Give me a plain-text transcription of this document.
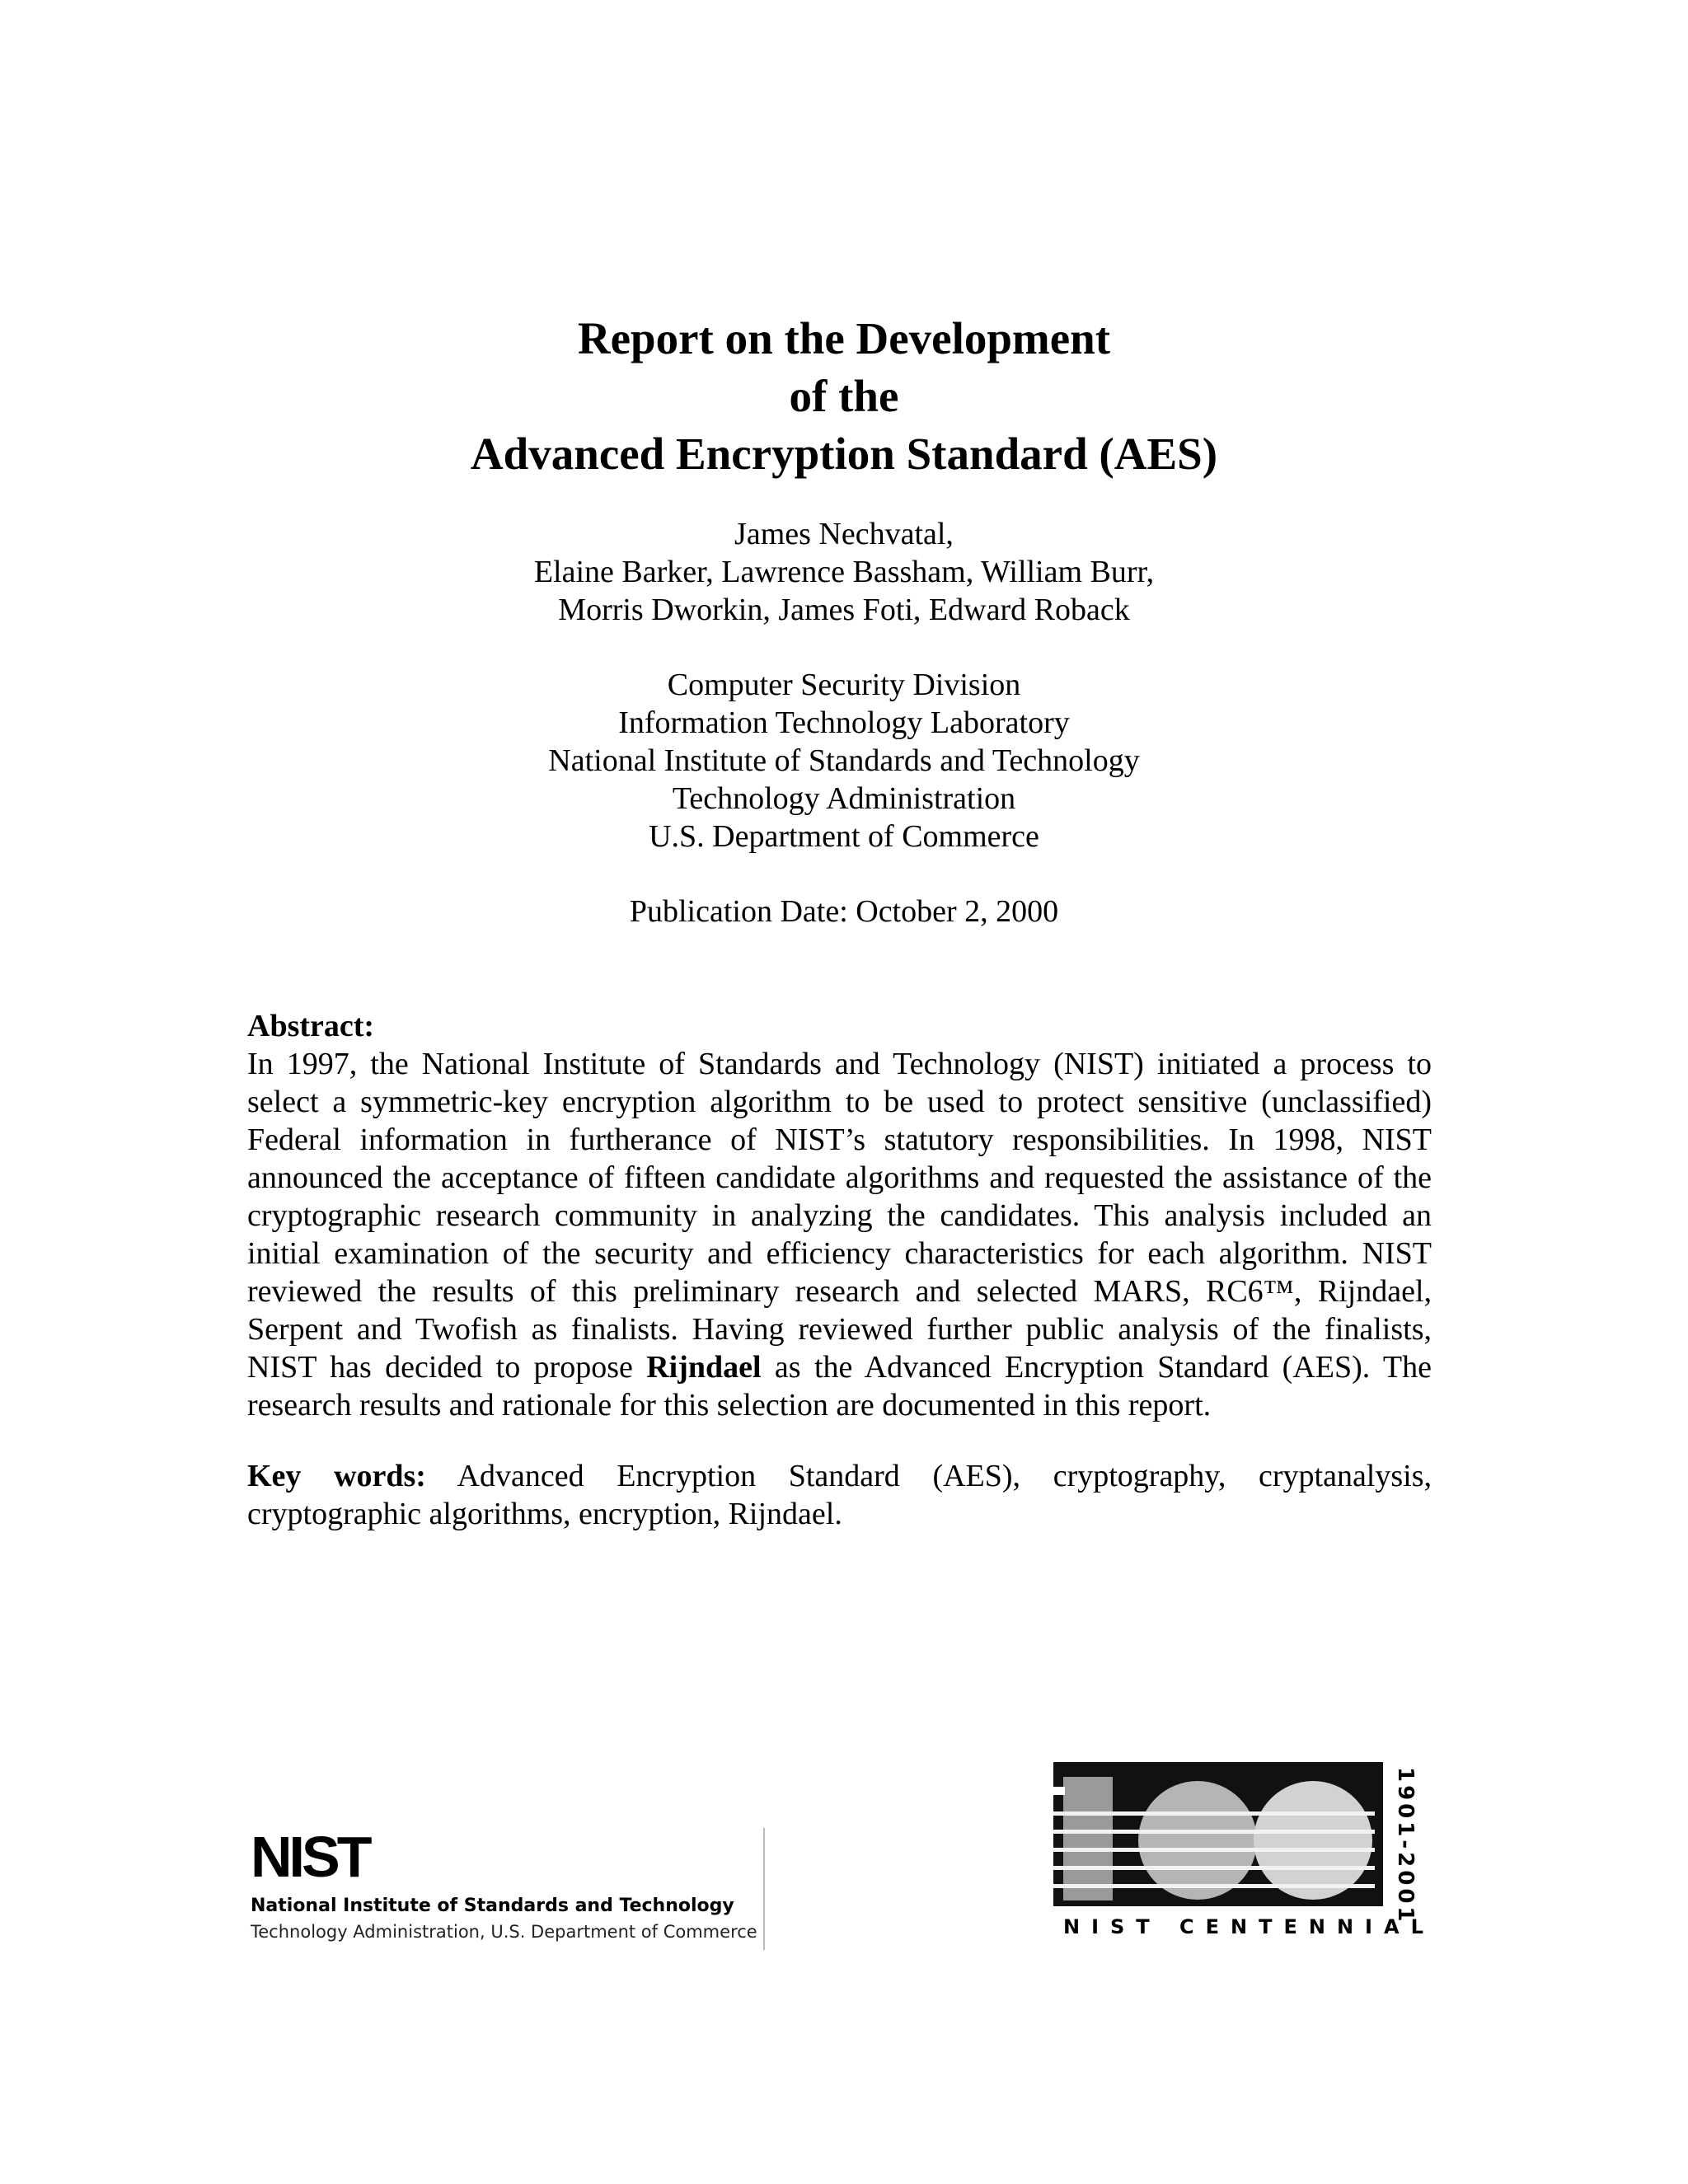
Report on the Development
of the
Advanced Encryption Standard (AES)
James Nechvatal,
Elaine Barker, Lawrence Bassham, William Burr,
Morris Dworkin, James Foti, Edward Roback
Computer Security Division
Information Technology Laboratory
National Institute of Standards and Technology
Technology Administration
U.S. Department of Commerce
Publication Date: October 2, 2000
Abstract:
In 1997, the National Institute of Standards and Technology (NIST) initiated a process to select a symmetric-key encryption algorithm to be used to protect sensitive (unclassified) Federal information in furtherance of NIST’s statutory responsibilities. In 1998, NIST announced the acceptance of fifteen candidate algorithms and requested the assistance of the cryptographic research community in analyzing the candidates. This analysis included an initial examination of the security and efficiency characteristics for each algorithm. NIST reviewed the results of this preliminary research and selected MARS, RC6™, Rijndael, Serpent and Twofish as finalists. Having reviewed further public analysis of the finalists, NIST has decided to propose Rijndael as the Advanced Encryption Standard (AES). The research results and rationale for this selection are documented in this report.
Key words: Advanced Encryption Standard (AES), cryptography, cryptanalysis, cryptographic algorithms, encryption, Rijndael.
NIST
National Institute of Standards and Technology
Technology Administration, U.S. Department of Commerce	NIST CENTENNIAL
1901-2001
